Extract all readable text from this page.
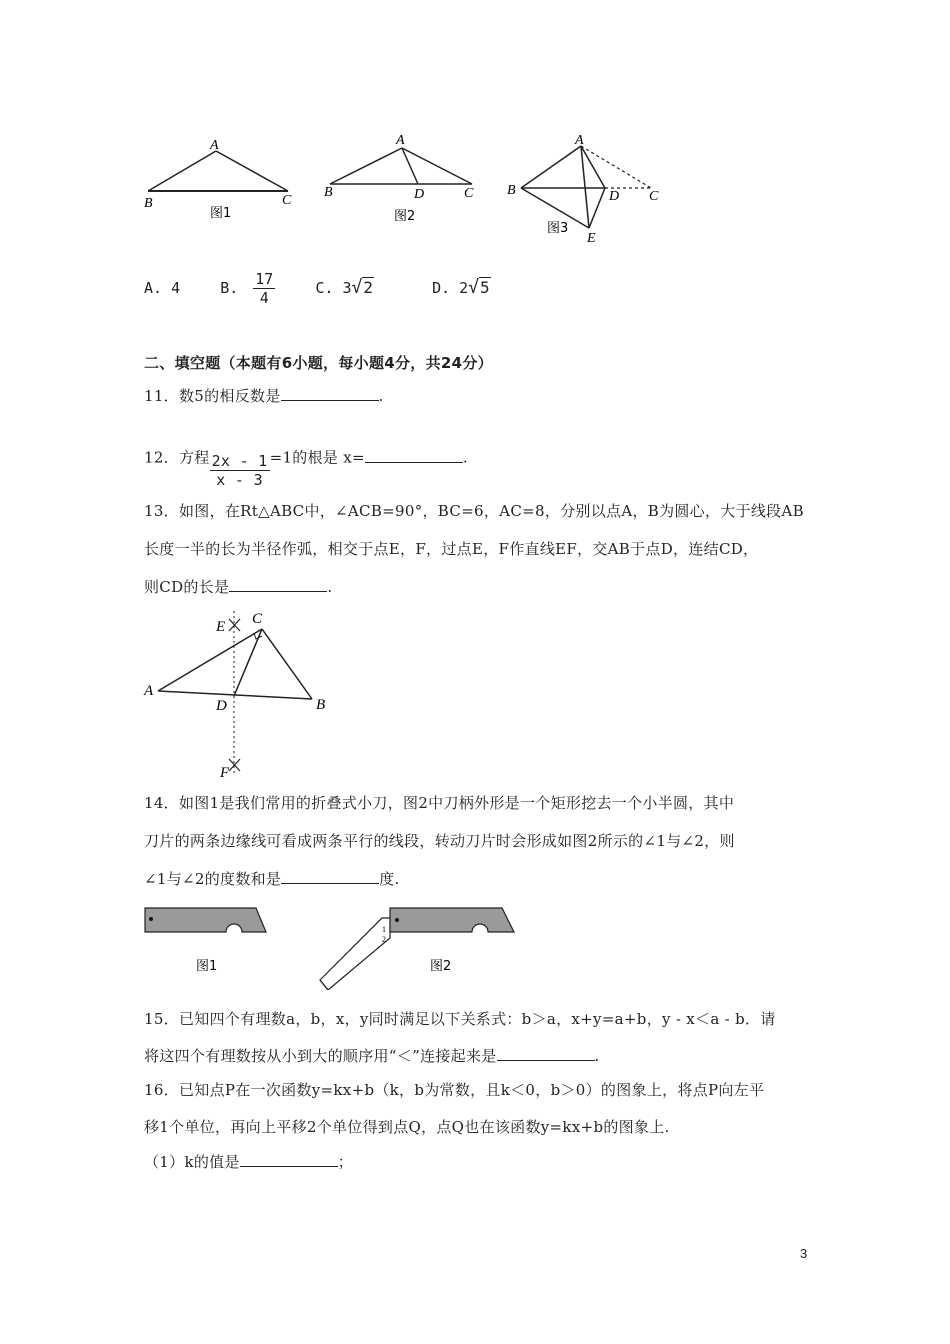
A
B	C
图1
A
B	D	C
图2
A
B	D C
E
图3
A. 4	B. $\frac{17}{4}$	C. 3√2	D. 2√5
二、填空题（本题有6小题，每小题4分，共24分）
11．数5的相反数是	.
12．方程 $\frac{2x - 1}{x - 3} =1$的根是 x=	.
13．如图，在Rt△ABC中，∠ACB=90°，BC=6，AC=8，分别以点A，B为圆心，大于线段AB
长度一半的长为半径作弧，相交于点E，F，过点E，F作直线EF，交AB于点D，连结CD，
则CD的长是	.
E C
A
D	B
F
14．如图1是我们常用的折叠式小刀，图2中刀柄外形是一个矩形挖去一个小半圆，其中
刀片的两条边缘线可看成两条平行的线段，转动刀片时会形成如图2所示的∠1与∠2，则
∠1与∠2的度数和是	度.
图1
1
2
图2
15．已知四个有理数a，b，x，y同时满足以下关系式：b＞a，x+y=a+b，y - x＜a - b．请
将这四个有理数按从小到大的顺序用“＜”连接起来是	.
16．已知点P在一次函数y=kx+b（k，b为常数，且k＜0，b＞0）的图象上，将点P向左平
移1个单位，再向上平移2个单位得到点Q，点Q也在该函数y=kx+b的图象上.
（1）k的值是	；
3
